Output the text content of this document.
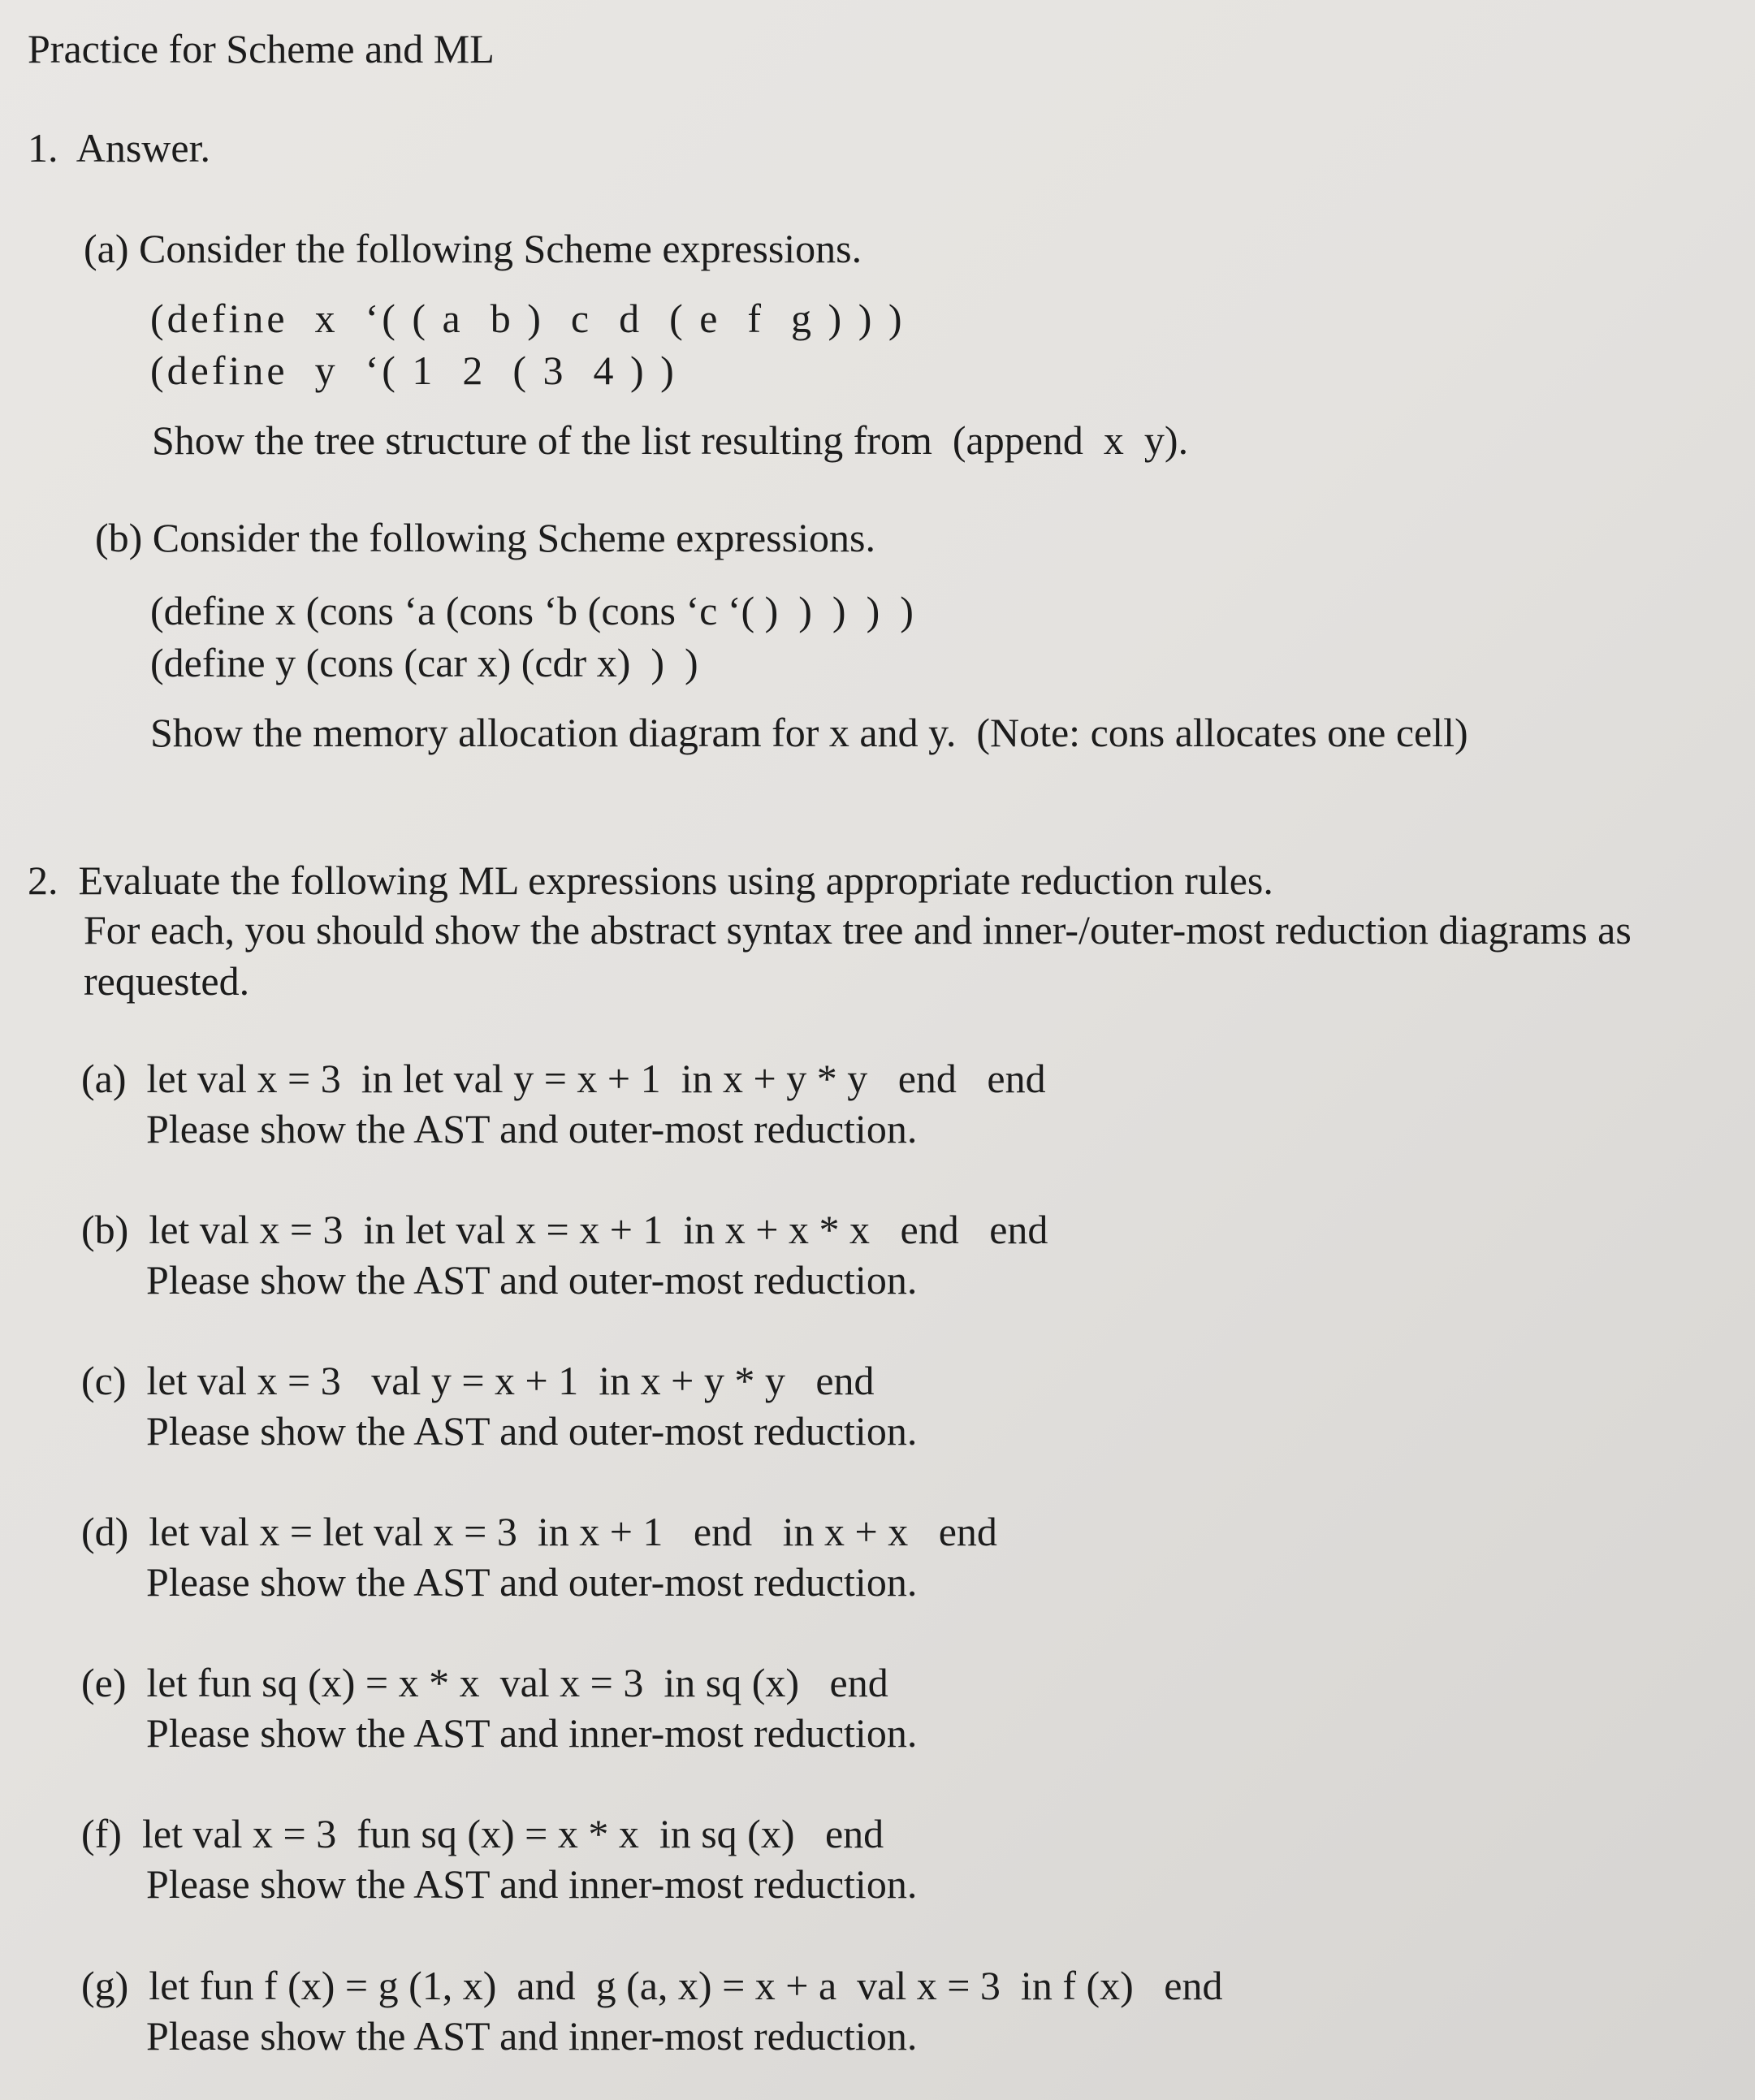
Practice for Scheme and ML
1.  Answer.
(a) Consider the following Scheme expressions.
(define  x  ‘( ( a  b )  c  d  ( e  f  g ) ) )
(define  y  ‘( 1  2  ( 3  4 ) )
Show the tree structure of the list resulting from  (append  x  y).
(b) Consider the following Scheme expressions.
(define x (cons ‘a (cons ‘b (cons ‘c ‘( )  )  )  )  )
(define y (cons (car x) (cdr x)  )  )
Show the memory allocation diagram for x and y.  (Note: cons allocates one cell)
2.  Evaluate the following ML expressions using appropriate reduction rules.
For each, you should show the abstract syntax tree and inner-/outer-most reduction diagrams as
requested.
(a)  let val x = 3  in let val y = x + 1  in x + y * y   end   end
Please show the AST and outer-most reduction.
(b)  let val x = 3  in let val x = x + 1  in x + x * x   end   end
Please show the AST and outer-most reduction.
(c)  let val x = 3   val y = x + 1  in x + y * y   end
Please show the AST and outer-most reduction.
(d)  let val x = let val x = 3  in x + 1   end   in x + x   end
Please show the AST and outer-most reduction.
(e)  let fun sq (x) = x * x  val x = 3  in sq (x)   end
Please show the AST and inner-most reduction.
(f)  let val x = 3  fun sq (x) = x * x  in sq (x)   end
Please show the AST and inner-most reduction.
(g)  let fun f (x) = g (1, x)  and  g (a, x) = x + a  val x = 3  in f (x)   end
Please show the AST and inner-most reduction.
